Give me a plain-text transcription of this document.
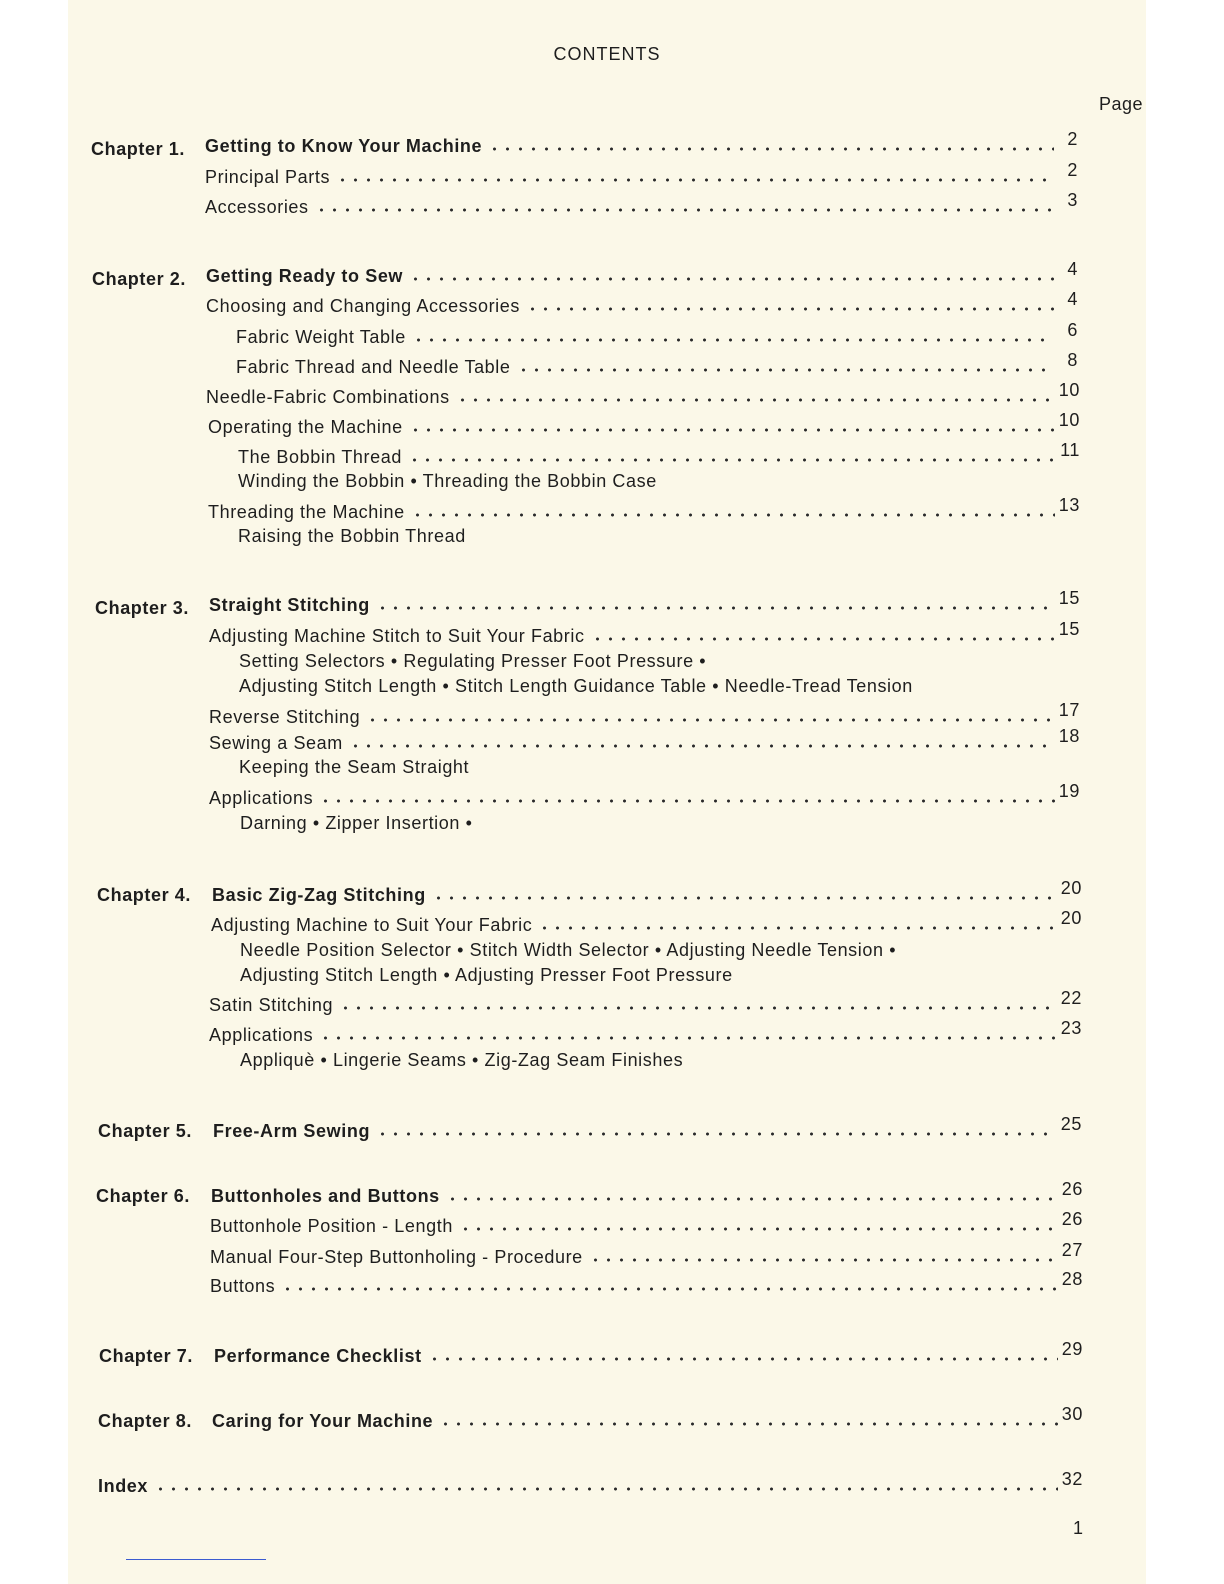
CONTENTS
Page
Chapter 1. Getting to Know Your Machine	2
Principal Parts	2
Accessories	3
Chapter 2. Getting Ready to Sew	4
Choosing and Changing Accessories	4
Fabric Weight Table	6
Fabric Thread and Needle Table	8
Needle-Fabric Combinations	10
Operating the Machine	10
The Bobbin Thread	11
Winding the Bobbin • Threading the Bobbin Case
Threading the Machine	13
Raising the Bobbin Thread
Chapter 3. Straight Stitching	15
Adjusting Machine Stitch to Suit Your Fabric	15
Setting Selectors • Regulating Presser Foot Pressure •
Adjusting Stitch Length • Stitch Length Guidance Table • Needle-Tread Tension
Reverse Stitching	17
Sewing a Seam	18
Keeping the Seam Straight
Applications	19
Darning • Zipper Insertion •
Chapter 4. Basic Zig-Zag Stitching	20
Adjusting Machine to Suit Your Fabric	20
Needle Position Selector • Stitch Width Selector • Adjusting Needle Tension •
Adjusting Stitch Length • Adjusting Presser Foot Pressure
Satin Stitching	22
Applications	23
Appliquè • Lingerie Seams • Zig-Zag Seam Finishes
Chapter 5. Free-Arm Sewing	25
Chapter 6. Buttonholes and Buttons	26
Buttonhole Position - Length	26
Manual Four-Step Buttonholing - Procedure	27
Buttons	28
Chapter 7. Performance Checklist	29
Chapter 8. Caring for Your Machine	30
Index	32
1
